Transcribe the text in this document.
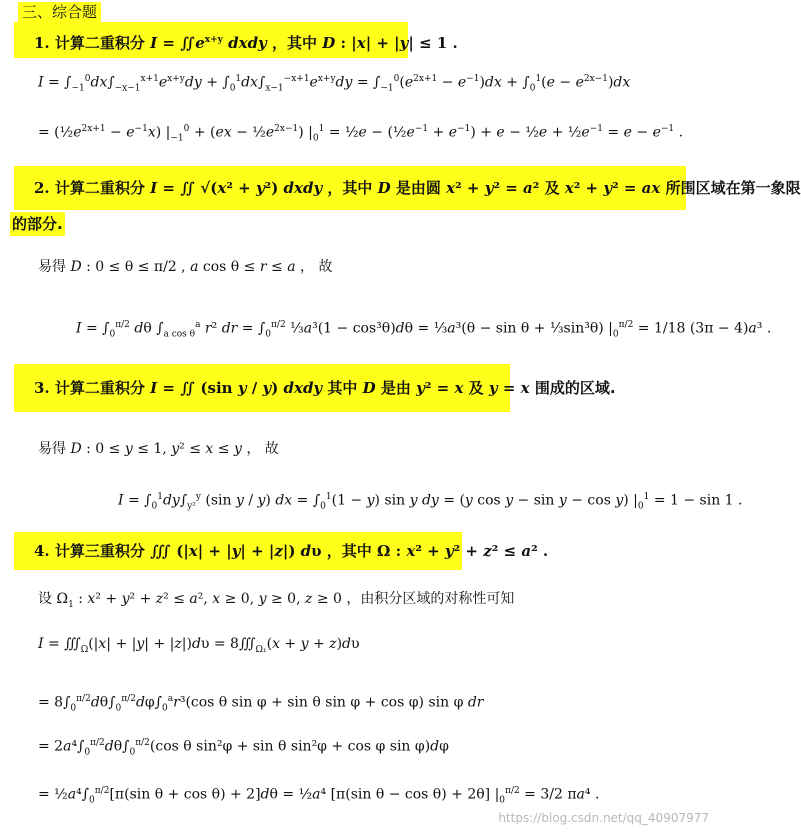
三、综合题
1. 计算二重积分 $I = ∬e^{x+y}$ dxdy ，其中 D : |x| + |y| ≤ 1 .
$I = \int_{-1}^0dx\int_{-x-1}^{x+1}e^{x+y}dy + \int_0^1dx\int_{x-1}^{-x+1}e^{x+y}dy = \int_{-1}^0(e^{2x+1} - e^{-1})dx + \int_0^1(e - e^{2x-1})dx$
= $(\frac{1}{2}e^{2x+1} - e^{-1}x) |_{-1}^0 + (ex$ − $\frac{1}{2}e^{2x-1}$) $|_0^1$ = ½e − $(\frac{1}{2}e^{-1} + e^{-1}) + e$ − ½e + $\frac{1}{2}e^{-1} = e - e^{-1}$ .
2. 计算二重积分 I = ∬ √(x² + y²) dxdy ，其中 D 是由圆 x² + y² = a² 及 x² + y² = ax 所围区域在第一象限
的部分.
易得 D : 0 ≤ θ ≤ π/2 , a cos θ ≤ r ≤ a ， 故
$I = \int_0^{\pi/2}$ dθ $\int_{a cos \theta}^a$ r² dr = $\int_0^{\pi/2}$ ⅓a³(1 − cos³θ)dθ = ⅓a³(θ − sin θ + ⅓sin³θ) $|_0^{\pi/2} = 1/18$ (3π − 4)a³ .
3. 计算二重积分 I = ∬ (sin y / y) dxdy 其中 D 是由 y² = x 及 y = x 围成的区域.
易得 D : 0 ≤ y ≤ 1, y² ≤ x ≤ y ， 故
$I = \int_0^1dy\int_{y^2}^y$ (sin y / y) dx = $\int_0^1(1 - y)$ sin y dy = (y cos y − sin y − cos y) $|_0^1 = 1 - \sin 1$ .
4. 计算三重积分 ∭ (|x| + |y| + |z|) dυ ，其中 Ω : x² + y² + z² ≤ a² .
设 $\Omega_1$ : x² + y² + z² ≤ a², x ≥ 0, y ≥ 0, z ≥ 0 ，由积分区域的对称性可知
$I = ∭_\Omega(|x| + |y| + |z|)d\upsilon$ = $8∭_{\Omega_1}(x + y + z)d\upsilon$
= $8\int_0^{\pi/2}d\theta\int_0^{\pi/2}d\varphi\int_0^ar^3(\cos$ θ sin φ + sin θ sin φ + cos φ) sin φ dr
= $2a^4\int_0^{\pi/2}d\theta\int_0^{\pi/2}(\cos$ θ sin²φ + sin θ sin²φ + cos φ sin φ)dφ
= $\frac{1}{2}a^4\int_0^{\pi/2}[\pi(\sin$ θ + cos θ) + 2]dθ = ½a⁴ [π(sin θ − cos θ) + 2θ] $|_0^{\pi/2} = 3/2$ πa⁴ .
https://blog.csdn.net/qq_40907977
